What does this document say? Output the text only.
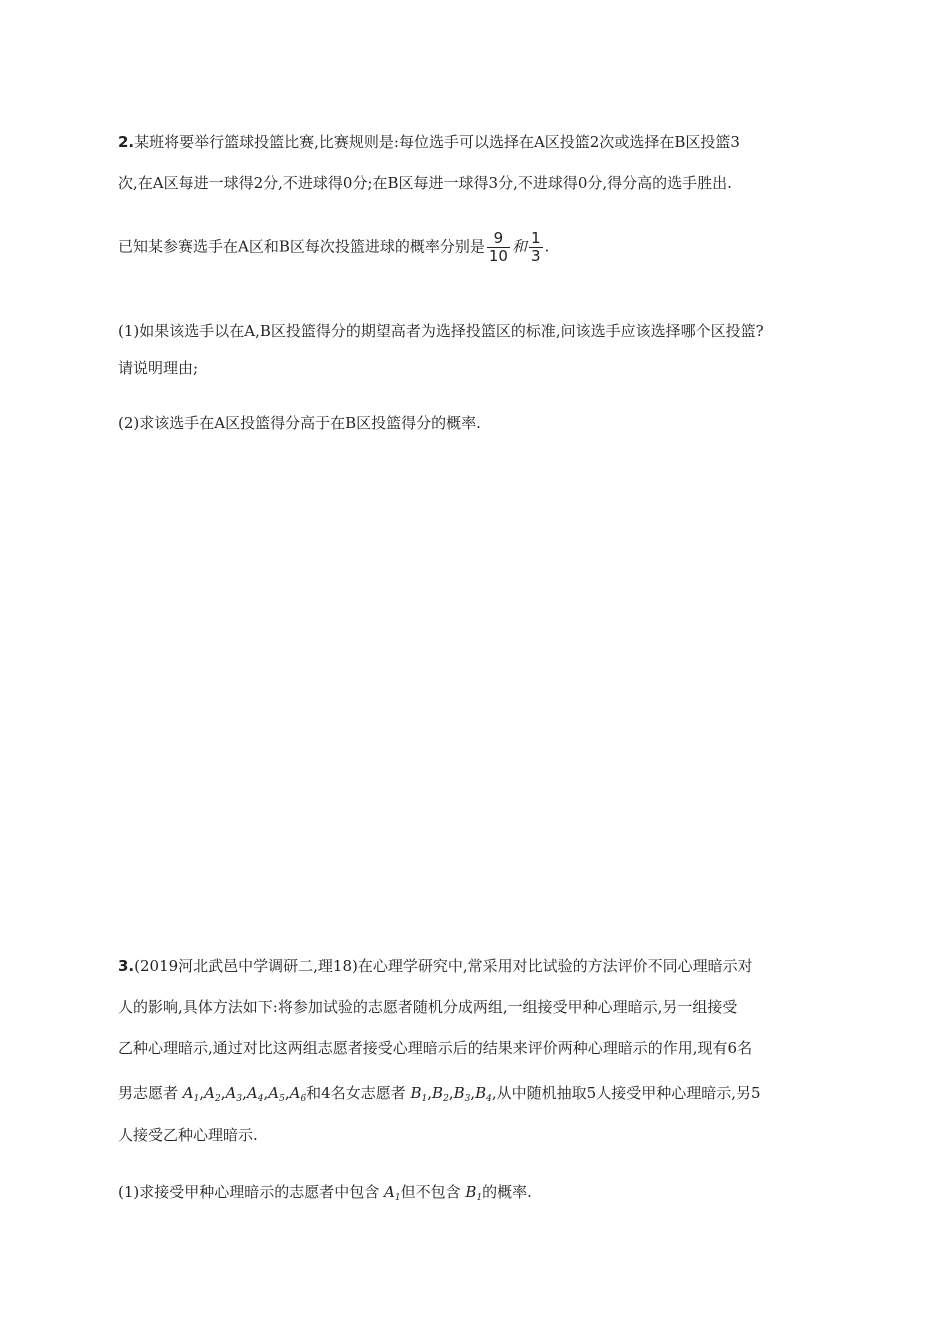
2.某班将要举行篮球投篮比赛,比赛规则是:每位选手可以选择在A区投篮2次或选择在B区投篮3
次,在A区每进一球得2分,不进球得0分;在B区每进一球得3分,不进球得0分,得分高的选手胜出.
已知某参赛选手在A区和B区每次投篮进球的概率分别是 $\frac{9}{10}$ 和 $\frac{1}{3}$ .
(1)如果该选手以在A,B区投篮得分的期望高者为选择投篮区的标准,问该选手应该选择哪个区投篮?
请说明理由;
(2)求该选手在A区投篮得分高于在B区投篮得分的概率.
3.(2019河北武邑中学调研二,理18)在心理学研究中,常采用对比试验的方法评价不同心理暗示对
人的影响,具体方法如下:将参加试验的志愿者随机分成两组,一组接受甲种心理暗示,另一组接受
乙种心理暗示,通过对比这两组志愿者接受心理暗示后的结果来评价两种心理暗示的作用,现有6名
男志愿者 $A_1,A_2,A_3,A_4,A_5,A_6$和4名女志愿者 $B_1,B_2,B_3,B_4$,从中随机抽取5人接受甲种心理暗示,另5
人接受乙种心理暗示.
(1)求接受甲种心理暗示的志愿者中包含 $A_1$但不包含 $B_1$的概率.
